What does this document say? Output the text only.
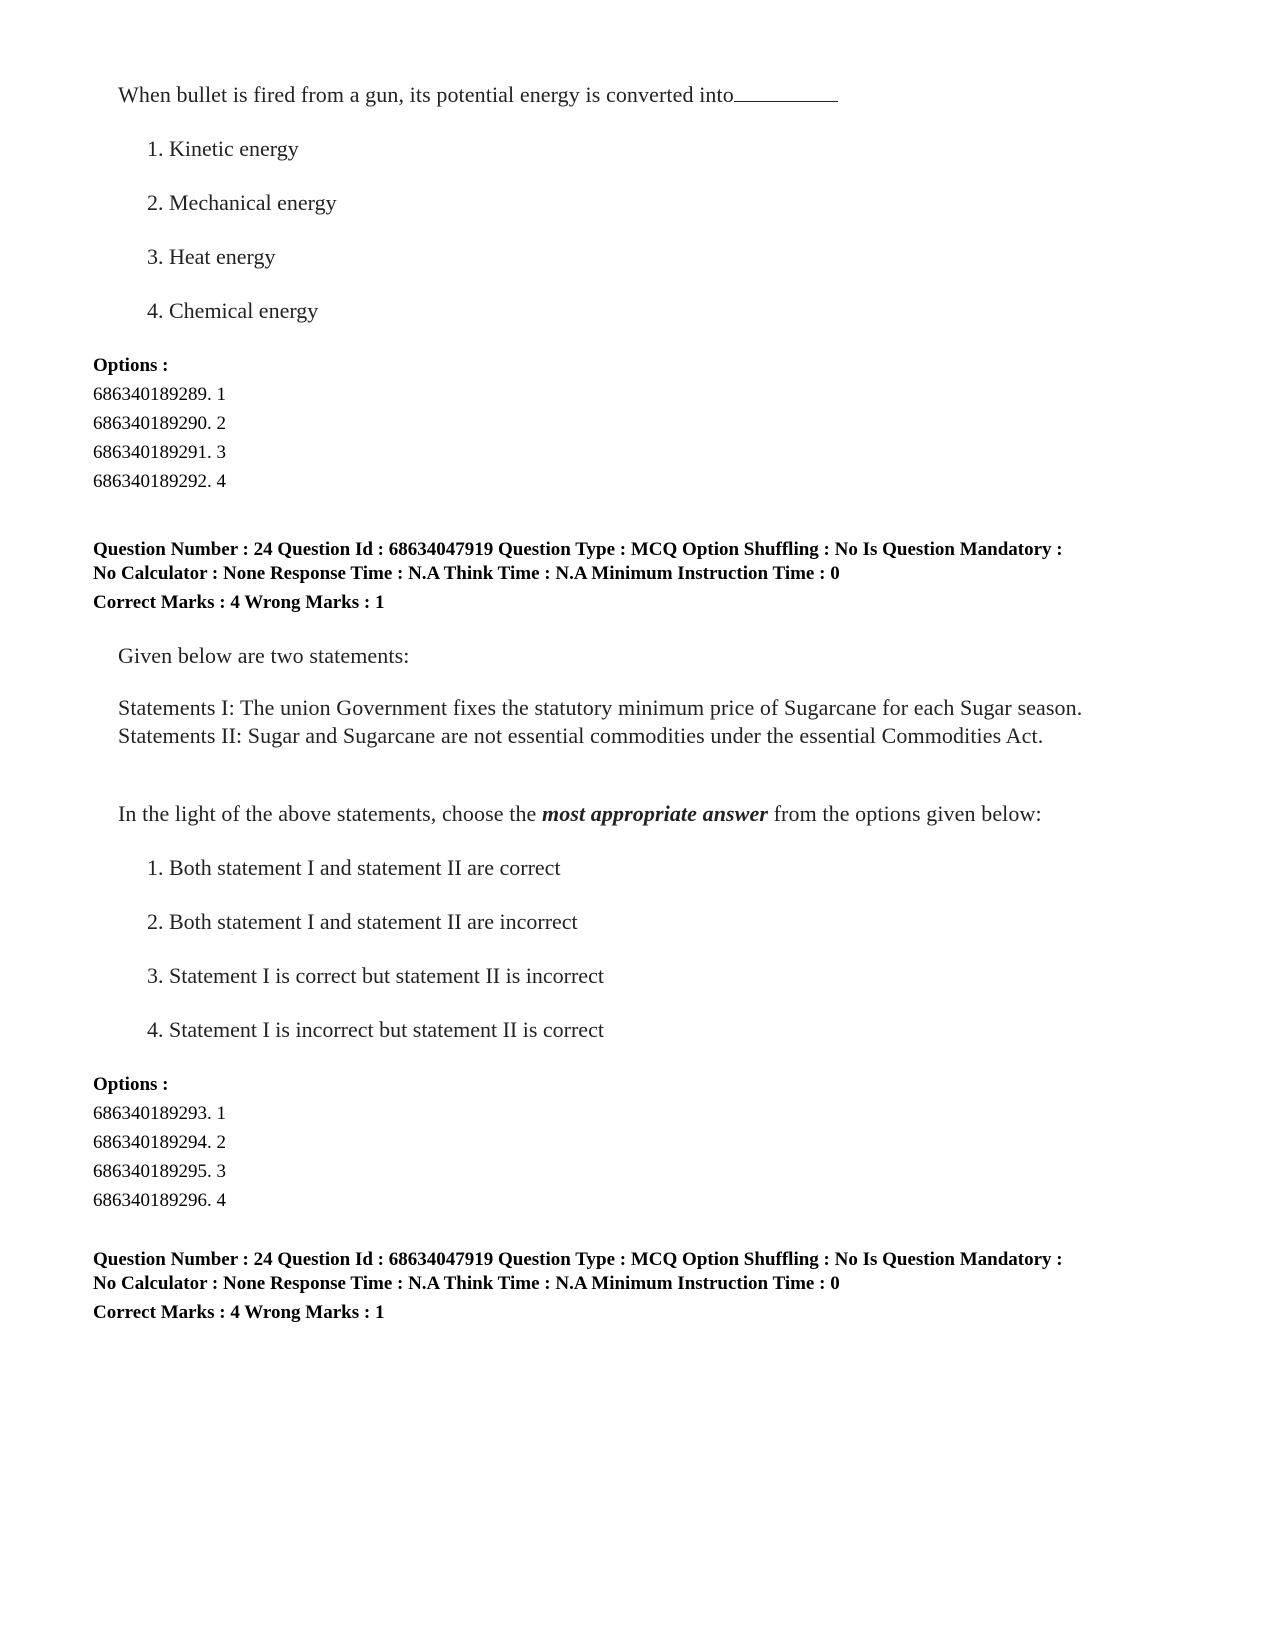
When bullet is fired from a gun, its potential energy is converted into

1. Kinetic energy

2. Mechanical energy

3. Heat energy

4. Chemical energy

Options :

686340189289. 1

686340189290. 2

686340189291. 3

686340189292. 4

Question Number : 24 Question Id : 68634047919 Question Type : MCQ Option Shuffling : No Is Question Mandatory :

No Calculator : None Response Time : N.A Think Time : N.A Minimum Instruction Time : 0

Correct Marks : 4 Wrong Marks : 1

Given below are two statements:

Statements I: The union Government fixes the statutory minimum price of Sugarcane for each Sugar season.

Statements II: Sugar and Sugarcane are not essential commodities under the essential Commodities Act.

In the light of the above statements, choose the most appropriate answer from the options given below:

1. Both statement I and statement II are correct

2. Both statement I and statement II are incorrect

3. Statement I is correct but statement II is incorrect

4. Statement I is incorrect but statement II is correct

Options :

686340189293. 1

686340189294. 2

686340189295. 3

686340189296. 4

Question Number : 24 Question Id : 68634047919 Question Type : MCQ Option Shuffling : No Is Question Mandatory :

No Calculator : None Response Time : N.A Think Time : N.A Minimum Instruction Time : 0

Correct Marks : 4 Wrong Marks : 1
